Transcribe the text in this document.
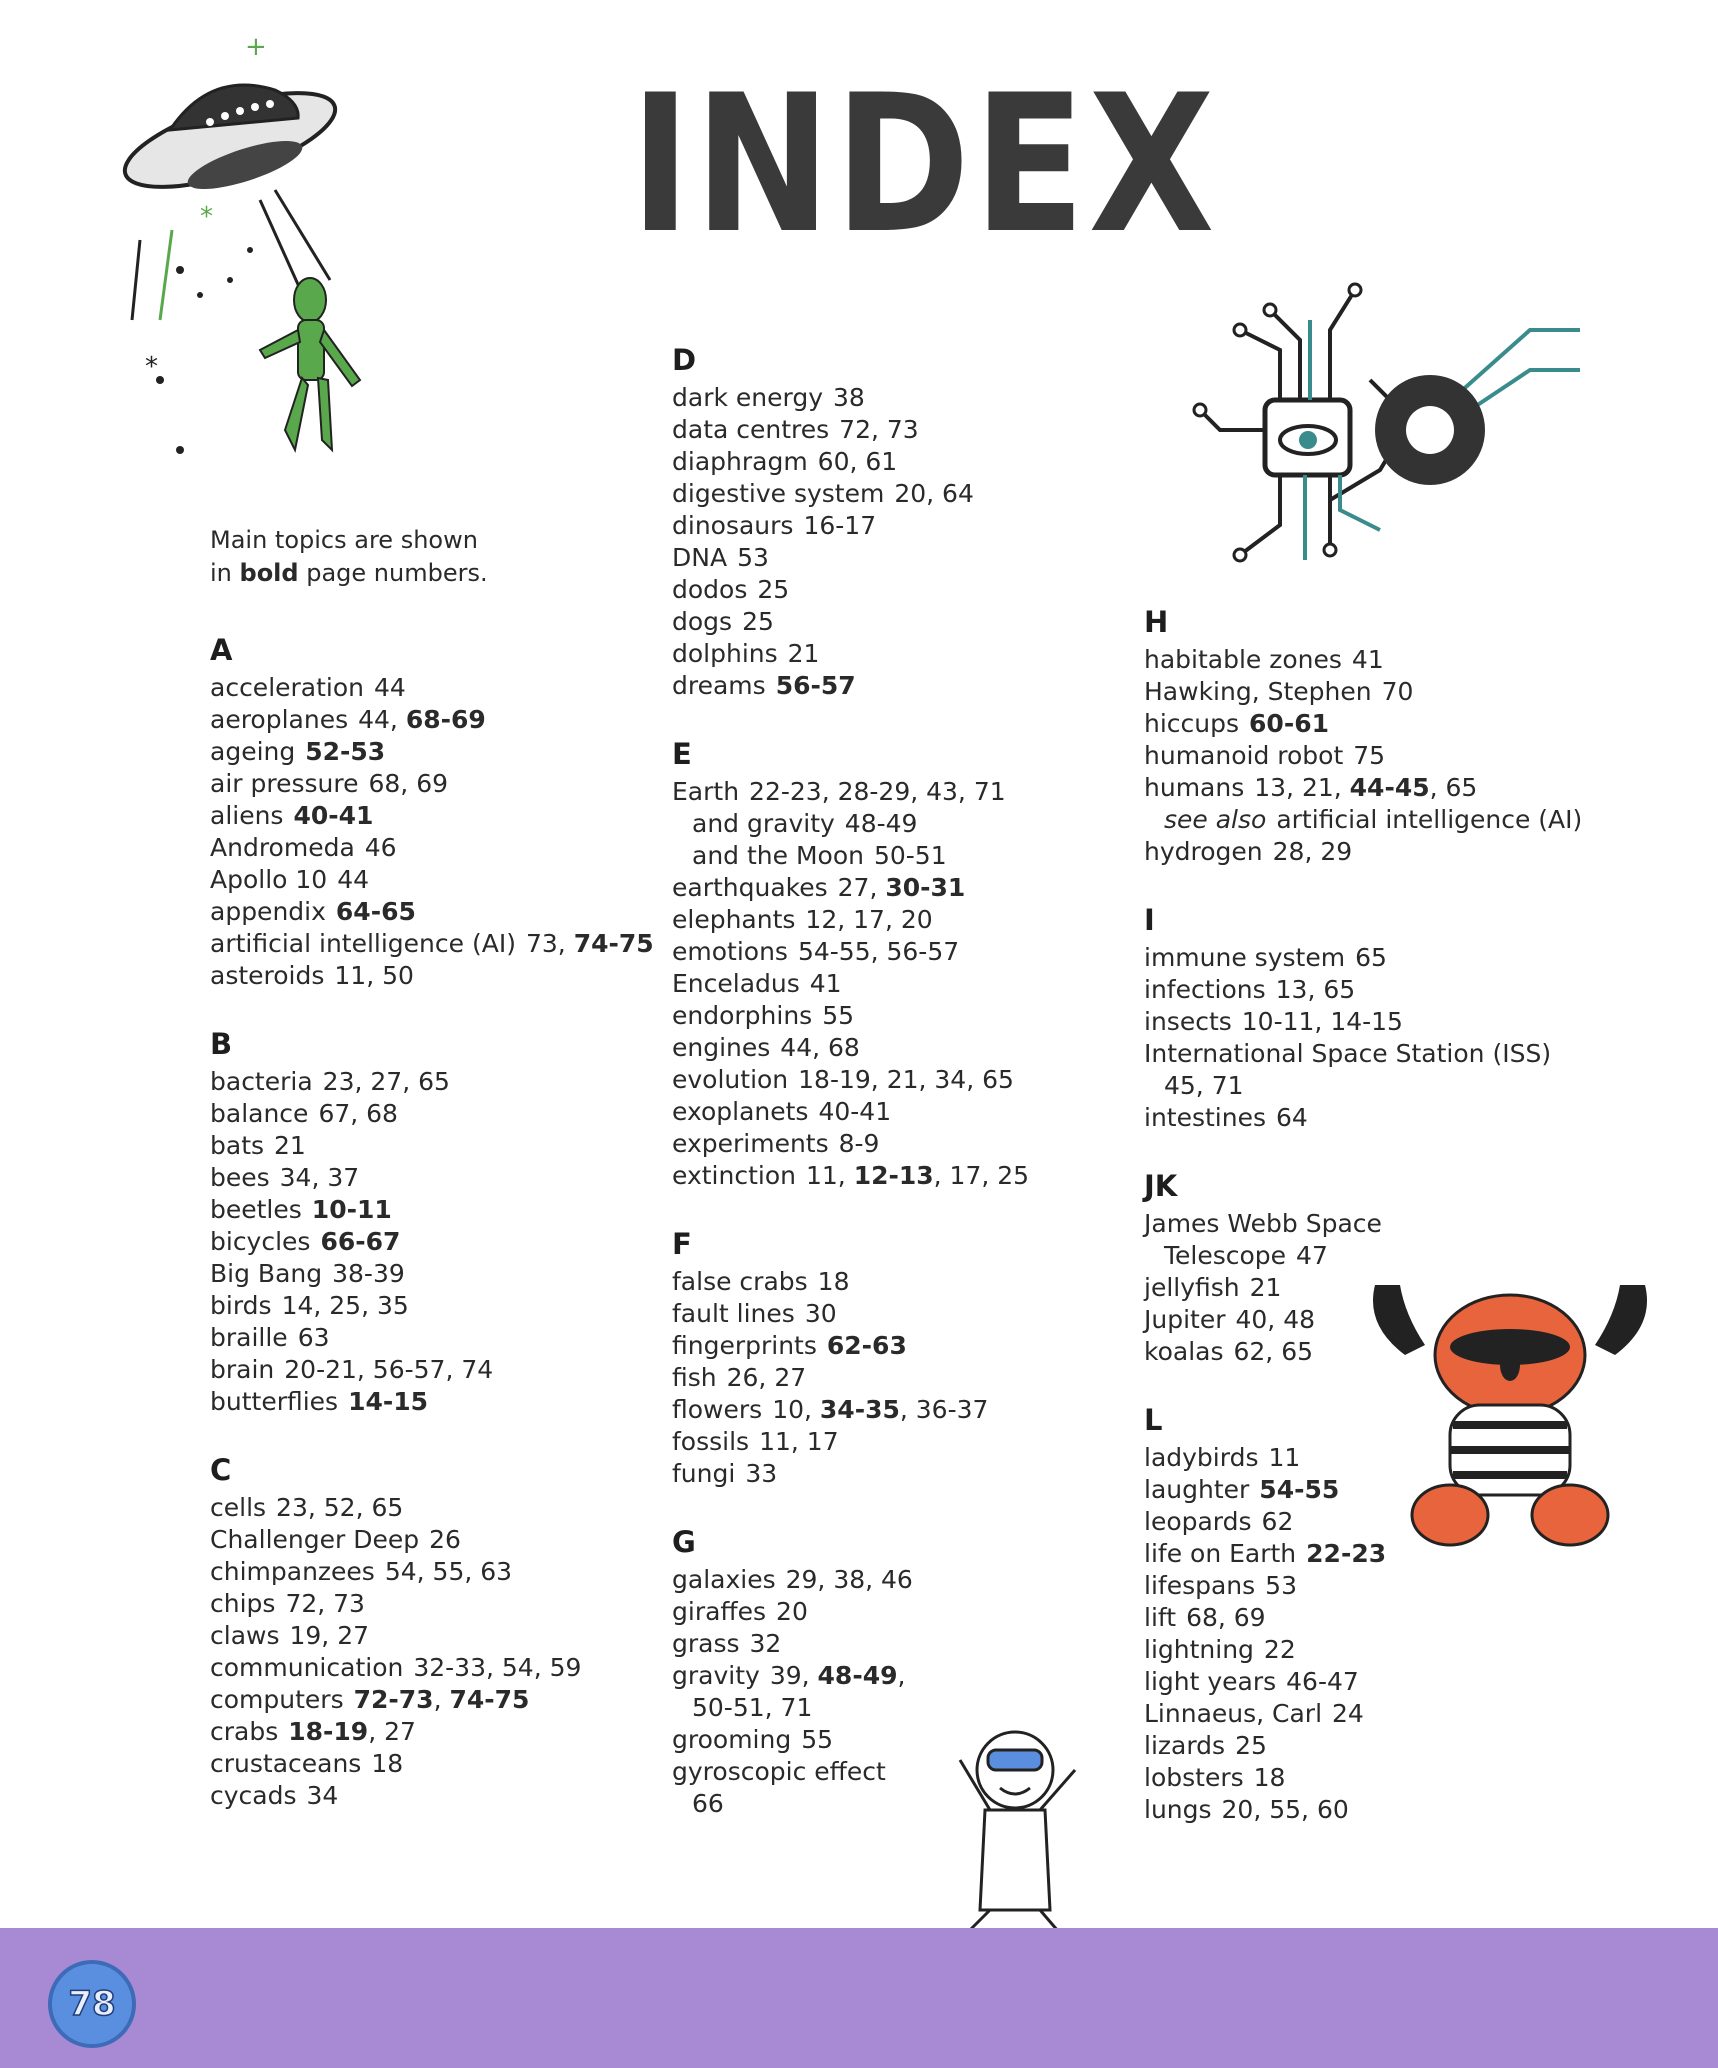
INDEX
*
*
+
Main topics are shown
in bold page numbers.
A
acceleration 44
aeroplanes 44, 68-69
ageing 52-53
air pressure 68, 69
aliens 40-41
Andromeda 46
Apollo 10 44
appendix 64-65
artificial intelligence (AI) 73, 74-75
asteroids 11, 50
B
bacteria 23, 27, 65
balance 67, 68
bats 21
bees 34, 37
beetles 10-11
bicycles 66-67
Big Bang 38-39
birds 14, 25, 35
braille 63
brain 20-21, 56-57, 74
butterflies 14-15
C
cells 23, 52, 65
Challenger Deep 26
chimpanzees 54, 55, 63
chips 72, 73
claws 19, 27
communication 32-33, 54, 59
computers 72-73, 74-75
crabs 18-19, 27
crustaceans 18
cycads 34
D
dark energy 38
data centres 72, 73
diaphragm 60, 61
digestive system 20, 64
dinosaurs 16-17
DNA 53
dodos 25
dogs 25
dolphins 21
dreams 56-57
E
Earth 22-23, 28-29, 43, 71
and gravity 48-49
and the Moon 50-51
earthquakes 27, 30-31
elephants 12, 17, 20
emotions 54-55, 56-57
Enceladus 41
endorphins 55
engines 44, 68
evolution 18-19, 21, 34, 65
exoplanets 40-41
experiments 8-9
extinction 11, 12-13, 17, 25
F
false crabs 18
fault lines 30
fingerprints 62-63
fish 26, 27
flowers 10, 34-35, 36-37
fossils 11, 17
fungi 33
G
galaxies 29, 38, 46
giraffes 20
grass 32
gravity 39, 48-49,
50-51, 71
grooming 55
gyroscopic effect
66
H
habitable zones 41
Hawking, Stephen 70
hiccups 60-61
humanoid robot 75
humans 13, 21, 44-45, 65
see also artificial intelligence (AI)
hydrogen 28, 29
I
immune system 65
infections 13, 65
insects 10-11, 14-15
International Space Station (ISS)
45, 71
intestines 64
JK
James Webb Space
Telescope 47
jellyfish 21
Jupiter 40, 48
koalas 62, 65
L
ladybirds 11
laughter 54-55
leopards 62
life on Earth 22-23
lifespans 53
lift 68, 69
lightning 22
light years 46-47
Linnaeus, Carl 24
lizards 25
lobsters 18
lungs 20, 55, 60
78
